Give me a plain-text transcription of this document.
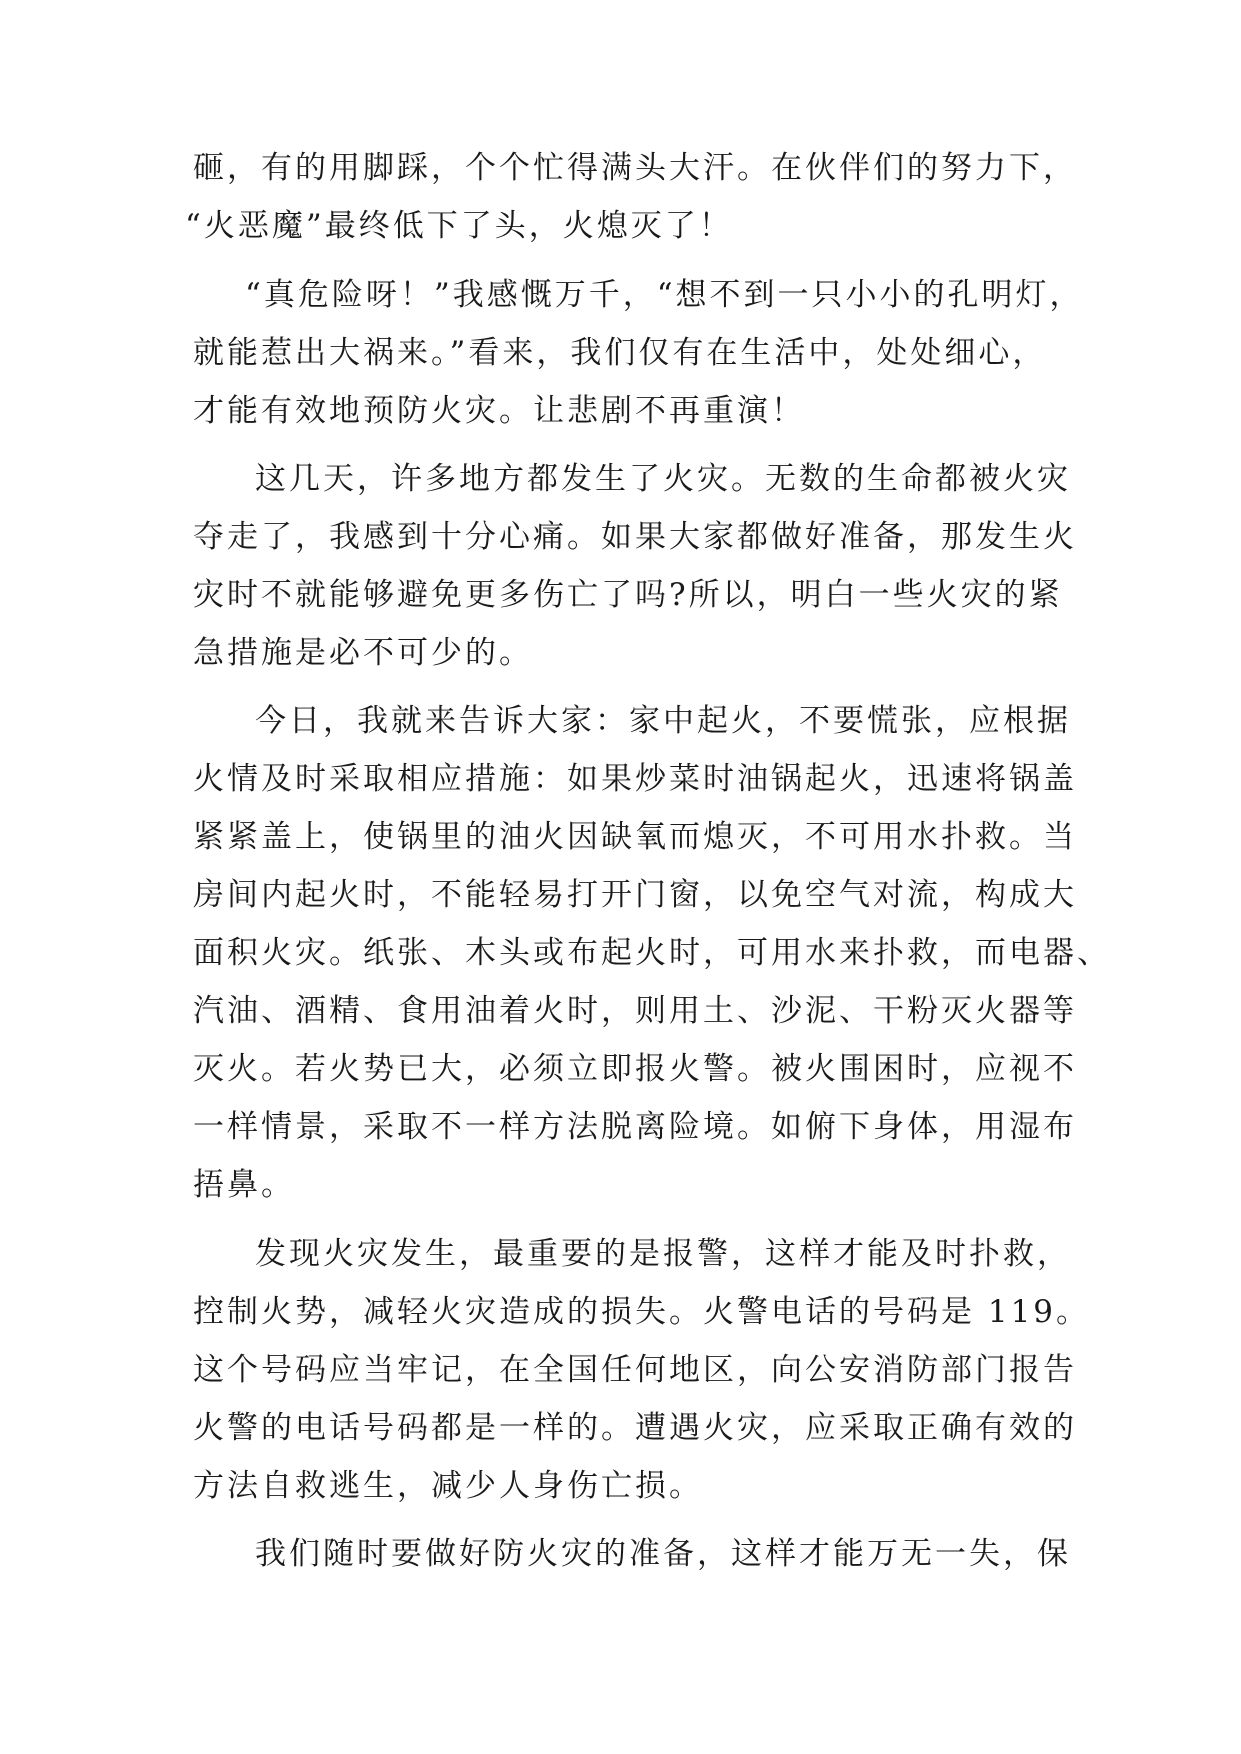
砸，有的用脚踩，个个忙得满头大汗。在伙伴们的努力下，
“火恶魔”最终低下了头，火熄灭了！
“真危险呀！”我感慨万千，“想不到一只小小的孔明灯，
就能惹出大祸来。”看来，我们仅有在生活中，处处细心，
才能有效地预防火灾。让悲剧不再重演！
这几天，许多地方都发生了火灾。无数的生命都被火灾
夺走了，我感到十分心痛。如果大家都做好准备，那发生火
灾时不就能够避免更多伤亡了吗?所以，明白一些火灾的紧
急措施是必不可少的。
今日，我就来告诉大家：家中起火，不要慌张，应根据
火情及时采取相应措施：如果炒菜时油锅起火，迅速将锅盖
紧紧盖上，使锅里的油火因缺氧而熄灭，不可用水扑救。当
房间内起火时，不能轻易打开门窗，以免空气对流，构成大
面积火灾。纸张、木头或布起火时，可用水来扑救，而电器、
汽油、酒精、食用油着火时，则用土、沙泥、干粉灭火器等
灭火。若火势已大，必须立即报火警。被火围困时，应视不
一样情景，采取不一样方法脱离险境。如俯下身体，用湿布
捂鼻。
发现火灾发生，最重要的是报警，这样才能及时扑救，
控制火势，减轻火灾造成的损失。火警电话的号码是 119。
这个号码应当牢记，在全国任何地区，向公安消防部门报告
火警的电话号码都是一样的。遭遇火灾，应采取正确有效的
方法自救逃生，减少人身伤亡损。
我们随时要做好防火灾的准备，这样才能万无一失，保
